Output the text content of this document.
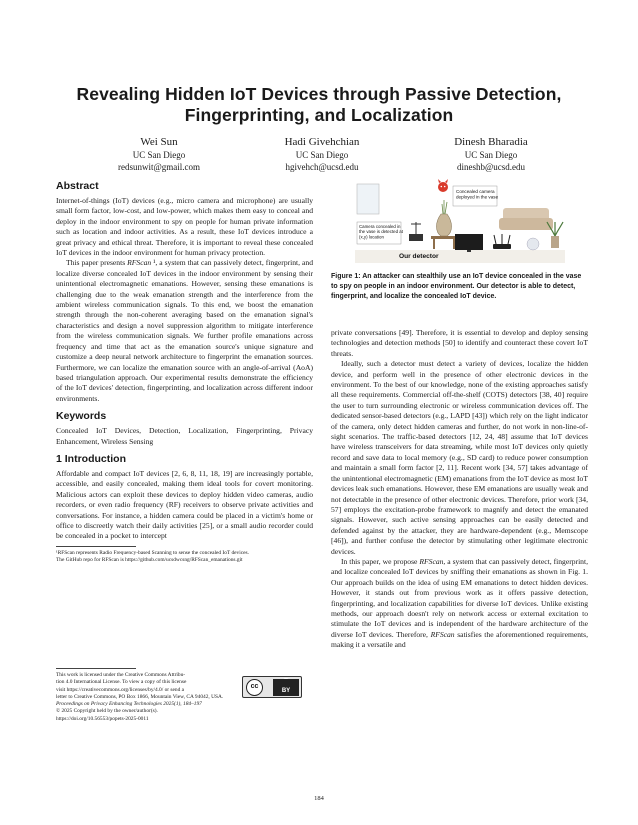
Revealing Hidden IoT Devices through Passive Detection,
Fingerprinting, and Localization
Wei Sun
UC San Diego
redsunwit@gmail.com
Hadi Givehchian
UC San Diego
hgivehch@ucsd.edu
Dinesh Bharadia
UC San Diego
dineshb@ucsd.edu
Abstract

Internet-of-things (IoT) devices (e.g., micro camera and microphone) are usually small form factor, low-cost, and low-power, which makes them easy to conceal and deploy in the indoor environment to spy on people for human private information such as location and indoor activities. As a result, these IoT devices introduce a great privacy and ethical threat. Therefore, it is important to reveal these concealed IoT devices in the indoor environment for human privacy protection.

This paper presents RFScan ¹, a system that can passively detect, fingerprint, and localize diverse concealed IoT devices in the indoor environment by sensing their unintentional electromagnetic emanations. However, sensing these emanations is challenging due to the weak emanation strength and the interference from the ambient wireless communication signals. To this end, we boost the emanation strength through the non-coherent averaging based on the emanation signal's characteristics and design a novel suppression algorithm to mitigate interference from the wireless communication signals. We further profile emanations across frequency and time that act as the emanation source's unique signature and customize a deep neural network architecture to fingerprint the emanation sources. Furthermore, we can localize the emanation source with an angle-of-arrival (AoA) based triangulation approach. Our experimental results demonstrate the efficiency of the IoT devices' detection, fingerprinting, and localization across different indoor environments.

Keywords

Concealed IoT Devices, Detection, Localization, Fingerprinting, Privacy Enhancement, Wireless Sensing

1 Introduction

Affordable and compact IoT devices [2, 6, 8, 11, 18, 19] are increasingly portable, accessible, and easily concealed, making them ideal tools for covert monitoring. Malicious actors can exploit these devices to deploy hidden video cameras, audio recorders, or even radio frequency (RF) receivers to observe private activities and conversations. For instance, a hidden camera could be placed in a victim's home or office to discreetly watch their daily activities [25], or a small audio recorder could be concealed in a pocket to intercept

¹RFScan represents Radio Frequency-based Scanning to sense the concealed IoT devices.
The GitHub repo for RFScan is https://github.com/ucsdwcsng/RFScan_emanations.git
This work is licensed under the Creative Commons Attribu-
tion 4.0 International License. To view a copy of this license
visit https://creativecommons.org/licenses/by/4.0/ or send a
letter to Creative Commons, PO Box 1866, Mountain View, CA 94042, USA.
Proceedings on Privacy Enhancing Technologies 2025(1), 184–197
© 2025 Copyright held by the owner/author(s).
https://doi.org/10.56553/popets-2025-0011
cc
BY
Concealed camera deployed in the vase
Camera concealed in the vase is detected at (x,y) location
Our detector
Figure 1: An attacker can stealthily use an IoT device concealed in the vase to spy on people in an indoor environment. Our detector is able to detect, fingerprint, and localize the concealed IoT device.

private conversations [49]. Therefore, it is essential to develop and deploy sensing technologies and detection methods [50] to identify and counteract these covert IoT threats.

Ideally, such a detector must detect a variety of devices, localize the hidden device, and perform well in the presence of other electronic devices in the environment. To the best of our knowledge, none of the existing approaches satisfy all these requirements. Commercial off-the-shelf (COTS) detectors [38, 40] require the user to turn surrounding electronic or wireless communication devices off. The dedicated sensor-based detectors (e.g., LAPD [43]) which rely on the light indicator of the camera, only detect hidden cameras and further, do not work in non-line-of-sight scenarios. The traffic-based detectors [12, 24, 48] assume that IoT devices have wireless transceivers for data streaming, while most IoT devices only quietly record and save data to local memory (e.g., SD card) to reduce power consumption and maintain a small form factor [2, 11]. Recent work [34, 57] takes advantage of the unintentional electromagnetic (EM) emanations from the IoT device as most IoT devices leak such emanations. However, these EM emanations are usually weak and not detectable in the presence of other electronic devices. Therefore, prior work [34, 57] employs the excitation-probe framework to magnify and detect the emanated signals. However, such active sensing approaches can be easily detected and defended against by the attacker, they are hardware-dependent (e.g., Memscope [46]), and further confuse the detector by stimulating other legitimate electronic devices.

In this paper, we propose RFScan, a system that can passively detect, fingerprint, and localize concealed IoT devices by sniffing their emanations as shown in Fig. 1. Our approach builds on the idea of using EM emanations to detect hidden devices. However, it stands out from previous work as it offers passive detection, fingerprinting, and localization capabilities for diverse IoT devices. Unlike existing methods, our approach doesn't rely on network access or external excitation to stimulate the IoT devices and is independent of the hardware architecture of the diverse IoT devices. Therefore, RFScan satisfies the aforementioned requirements, making it a versatile and

184
